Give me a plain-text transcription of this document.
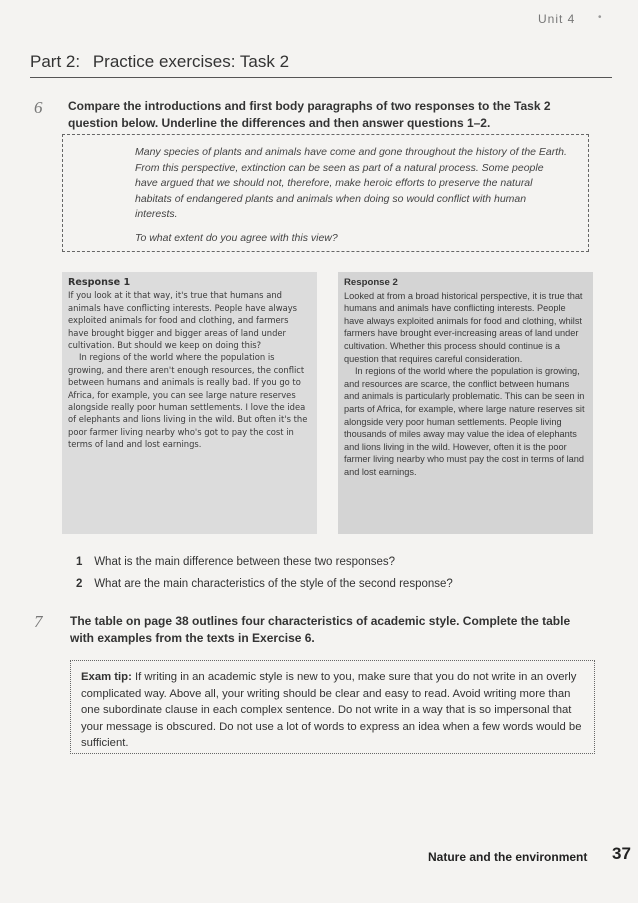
Unit 4 •
Part 2: Practice exercises: Task 2
6 Compare the introductions and first body paragraphs of two responses to the Task 2
question below. Underline the differences and then answer questions 1–2.

Many species of plants and animals have come and gone throughout the history of the Earth. From this perspective, extinction can be seen as part of a natural process. Some people have argued that we should not, therefore, make heroic efforts to preserve the natural habitats of endangered plants and animals when doing so would conflict with human interests.

To what extent do you agree with this view?

Response 1

If you look at it that way, it's true that humans and animals have conflicting interests. People have always exploited animals for food and clothing, and farmers have brought bigger and bigger areas of land under cultivation. But should we keep on doing this?

In regions of the world where the population is growing, and there aren't enough resources, the conflict between humans and animals is really bad. If you go to Africa, for example, you can see large nature reserves alongside really poor human settlements. I love the idea of elephants and lions living in the wild. But often it's the poor farmer living nearby who's got to pay the cost in terms of land and lost earnings.

Response 2

Looked at from a broad historical perspective, it is true that humans and animals have conflicting interests. People have always exploited animals for food and clothing, whilst farmers have brought ever-increasing areas of land under cultivation. Whether this process should continue is a question that requires careful consideration.

In regions of the world where the population is growing, and resources are scarce, the conflict between humans and animals is particularly problematic. This can be seen in parts of Africa, for example, where large nature reserves sit alongside very poor human settlements. People living thousands of miles away may value the idea of elephants and lions living in the wild. However, often it is the poor farmer living nearby who must pay the cost in terms of land and lost earnings.

1 What is the main difference between these two responses?
2 What are the main characteristics of the style of the second response?
7 The table on page 38 outlines four characteristics of academic style. Complete the table
with examples from the texts in Exercise 6.
Exam tip: If writing in an academic style is new to you, make sure that you do not write in an overly complicated way. Above all, your writing should be clear and easy to read. Avoid writing more than one subordinate clause in each complex sentence. Do not write in a way that is so impersonal that your message is obscured. Do not use a lot of words to express an idea when a few words would be sufficient.
Nature and the environment 37
